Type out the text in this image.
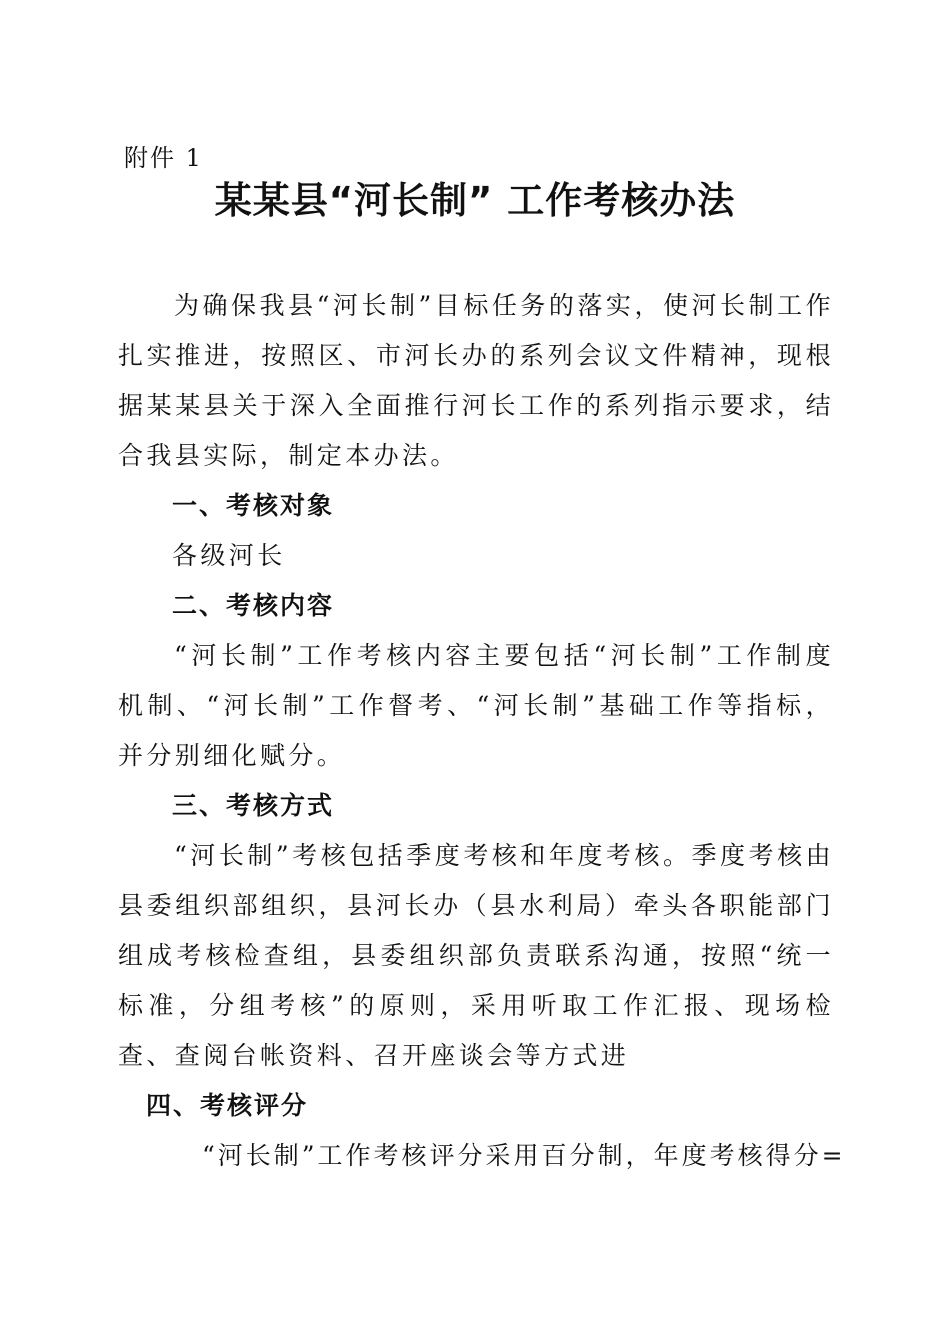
附件 1
某某县“河长制” 工作考核办法

为确保我县“河长制”目标任务的落实，使河长制工作扎实推进，按照区、市河长办的系列会议文件精神，现根据某某县关于深入全面推行河长工作的系列指示要求，结合我县实际，制定本办法。

一、考核对象

各级河长

二、考核内容

“河长制”工作考核内容主要包括“河长制”工作制度机制、“河长制”工作督考、“河长制”基础工作等指标，并分别细化赋分。

三、考核方式

“河长制”考核包括季度考核和年度考核。季度考核由县委组织部组织，县河长办（县水利局）牵头各职能部门组成考核检查组，县委组织部负责联系沟通，按照“统一标准，分组考核”的原则，采用听取工作汇报、现场检查、查阅台帐资料、召开座谈会等方式进

四、考核评分

“河长制”工作考核评分采用百分制，年度考核得分=
